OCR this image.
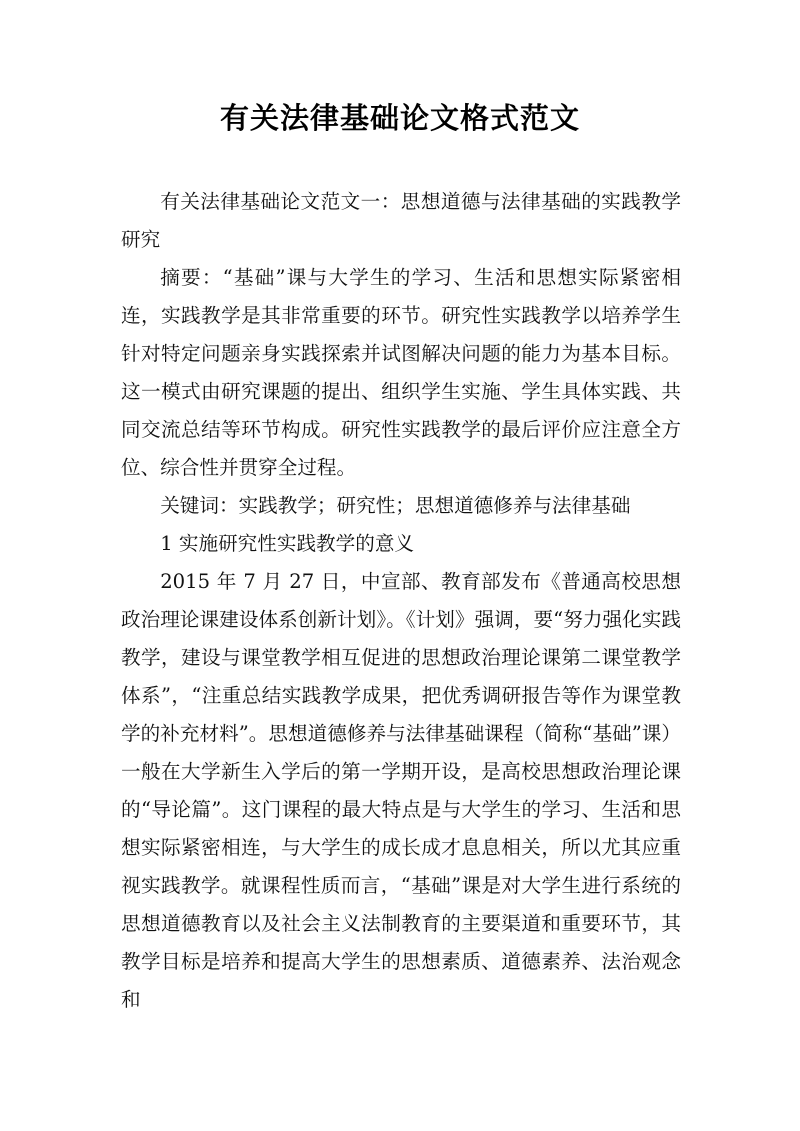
有关法律基础论文格式范文

有关法律基础论文范文一：思想道德与法律基础的实践教学研究

摘要：“基础”课与大学生的学习、生活和思想实际紧密相连，实践教学是其非常重要的环节。研究性实践教学以培养学生针对特定问题亲身实践探索并试图解决问题的能力为基本目标。这一模式由研究课题的提出、组织学生实施、学生具体实践、共同交流总结等环节构成。研究性实践教学的最后评价应注意全方位、综合性并贯穿全过程。

关键词：实践教学；研究性；思想道德修养与法律基础

1 实施研究性实践教学的意义

2015 年 7 月 27 日，中宣部、教育部发布《普通高校思想政治理论课建设体系创新计划》。《计划》强调，要“努力强化实践教学，建设与课堂教学相互促进的思想政治理论课第二课堂教学体系”，“注重总结实践教学成果，把优秀调研报告等作为课堂教学的补充材料”。思想道德修养与法律基础课程（简称“基础”课）一般在大学新生入学后的第一学期开设，是高校思想政治理论课的“导论篇”。这门课程的最大特点是与大学生的学习、生活和思想实际紧密相连，与大学生的成长成才息息相关，所以尤其应重视实践教学。就课程性质而言，“基础”课是对大学生进行系统的思想道德教育以及社会主义法制教育的主要渠道和重要环节，其教学目标是培养和提高大学生的思想素质、道德素养、法治观念和
